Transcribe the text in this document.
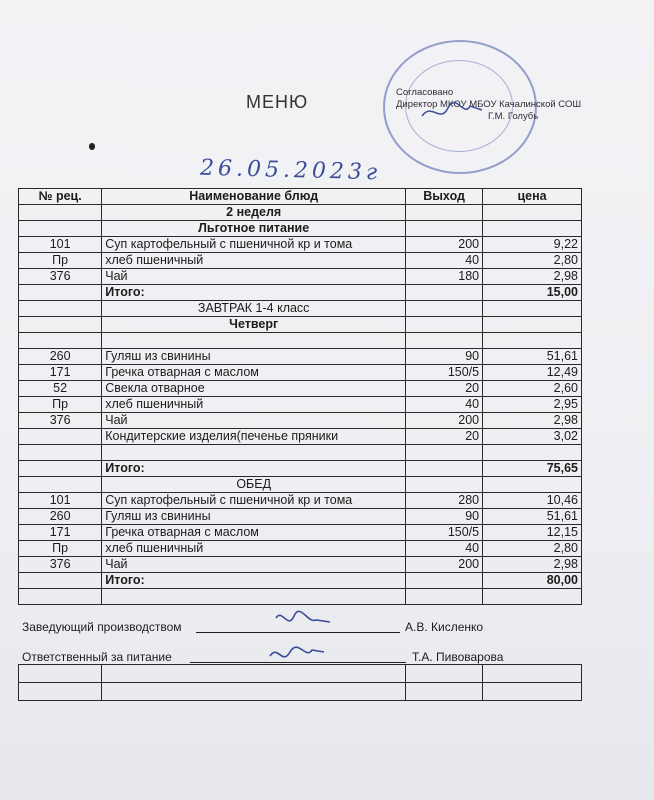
МЕНЮ	Согласовано
Директор МКОУ МБОУ Качалинской СОШ
Г.М. Голубь
26.05.2023г
№ рец.	Наименование блюд	Выход	цена
	2 неделя		
	Льготное питание		
101	Суп картофельный с пшеничной кр и тома	200	9,22
Пр	хлеб пшеничный	40	2,80
376	Чай	180	2,98
	Итого:		15,00
	ЗАВТРАК 1-4 класс		
	Четверг		

260	Гуляш из свинины	90	51,61
171	Гречка отварная с маслом	150/5	12,49
52	Свекла отварное	20	2,60
Пр	хлеб пшеничный	40	2,95
376	Чай	200	2,98
	Кондитерские изделия(печенье пряники	20	3,02

	Итого:		75,65
	ОБЕД		
101	Суп картофельный с пшеничной кр и тома	280	10,46
260	Гуляш из свинины	90	51,61
171	Гречка отварная с маслом	150/5	12,15
Пр	хлеб пшеничный	40	2,80
376	Чай	200	2,98
	Итого:		80,00

Заведующий производством	А.В. Кисленко
Ответственный за питание	Т.А. Пивоварова
